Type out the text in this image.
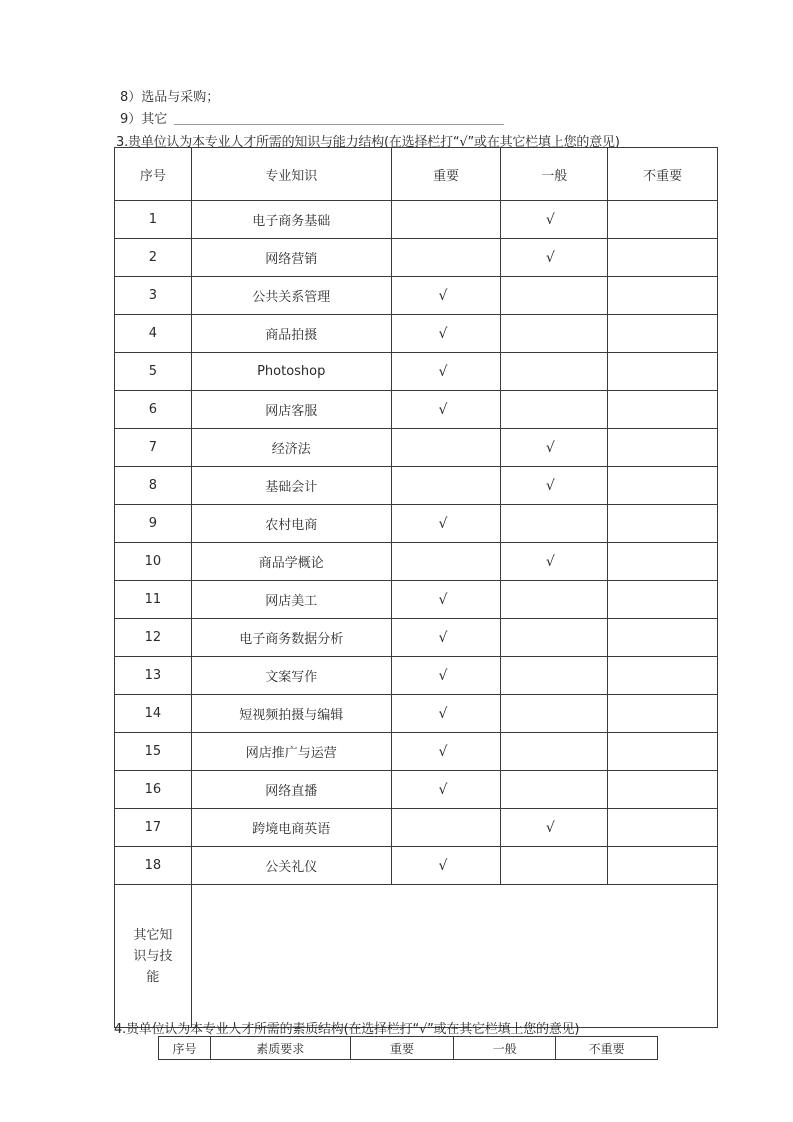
8）选品与采购；
9）其它
3.贵单位认为本专业人才所需的知识与能力结构(在选择栏打“√”或在其它栏填上您的意见)
序号	专业知识	重要	一般	不重要
1	电子商务基础		√	
2	网络营销		√	
3	公共关系管理	√		
4	商品拍摄	√		
5	Photoshop	√		
6	网店客服	√		
7	经济法		√	
8	基础会计		√	
9	农村电商	√		
10	商品学概论		√	
11	网店美工	√		
12	电子商务数据分析	√		
13	文案写作	√		
14	短视频拍摄与编辑	√		
15	网店推广与运营	√		
16	网络直播	√		
17	跨境电商英语		√	
18	公关礼仪	√		

其它知
识与技
能				

4.贵单位认为本专业人才所需的素质结构(在选择栏打“√”或在其它栏填上您的意见)
序号	素质要求	重要	一般	不重要
